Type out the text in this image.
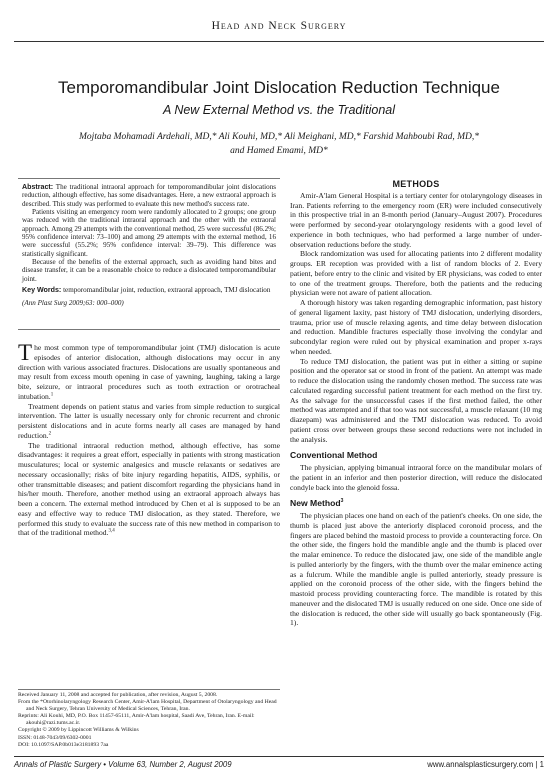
Head and Neck Surgery
Temporomandibular Joint Dislocation Reduction Technique
A New External Method vs. the Traditional
Mojtaba Mohamadi Ardehali, MD,* Ali Kouhi, MD,* Ali Meighani, MD,* Farshid Mahboubi Rad, MD,*
and Hamed Emami, MD*

Abstract: The traditional intraoral approach for temporomandibular joint dislocations reduction, although effective, has some disadvantages. Here, a new extraoral approach is described. This study was performed to evaluate this new method's success rate.

Patients visiting an emergency room were randomly allocated to 2 groups; one group was reduced with the traditional intraoral approach and the other with the extraoral approach. Among 29 attempts with the conventional method, 25 were successful (86.2%; 95% confidence interval: 73–100) and among 29 attempts with the external method, 16 were successful (55.2%; 95% confidence interval: 39–79). This difference was statistically significant.

Because of the benefits of the external approach, such as avoiding hand bites and disease transfer, it can be a reasonable choice to reduce a dislocated temporomandibular joint.

Key Words: temporomandibular joint, reduction, extraoral approach, TMJ dislocation

(Ann Plast Surg 2009;63: 000–000)

The most common type of temporomandibular joint (TMJ) dislocation is acute episodes of anterior dislocation, although dislocations may occur in any direction with various associated fractures. Dislocations are usually spontaneous and may result from excess mouth opening in case of yawning, laughing, taking a large bite, seizure, or intraoral procedures such as tooth extraction or orotracheal intubation.$^1$

Treatment depends on patient status and varies from simple reduction to surgical intervention. The latter is usually necessary only for chronic recurrent and chronic persistent dislocations and in acute forms nearly all cases are managed by hand reduction.$^2$

The traditional intraoral reduction method, although effective, has some disadvantages: it requires a great effort, especially in patients with strong mastication musculatures; local or systemic analgesics and muscle relaxants or sedatives are necessary occasionally; risks of bite injury regarding hepatitis, AIDS, syphilis, or other transmittable diseases; and patient discomfort regarding the physicians hand in his/her mouth. Therefore, another method using an extraoral approach always has been a concern. The external method introduced by Chen et al is supposed to be an easy and effective way to reduce TMJ dislocation, as they stated. Therefore, we performed this study to evaluate the success rate of this new method in comparison to that of the traditional method.$^{3,4}$

Received January 11, 2008 and accepted for publication, after revision, August 5, 2008.

From the *Otorhinolaryngology Research Center, Amir-A'lam Hospital, Department of Otolaryngology and Head and Neck Surgery, Tehran University of Medical Sciences, Tehran, Iran.

Reprints: Ali Kouhi, MD, P.O. Box 11457-65111, Amir-A'lam hospital, Saadi Ave, Tehran, Iran. E-mail: akouhi@razi.tums.ac.ir.

Copyright © 2009 by Lippincott Williams & Wilkins

ISSN: 0148-7043/09/6302-0001

DOI: 10.1097/SAP.0b013e3181893 7aa

METHODS

Amir-A'lam General Hospital is a tertiary center for otolaryngology diseases in Iran. Patients referring to the emergency room (ER) were included consecutively in this prospective trial in an 8-month period (January–August 2007). Procedures were performed by second-year otolaryngology residents with a good level of experience in both techniques, who had performed a large number of under-observation reductions before the study.

Block randomization was used for allocating patients into 2 different modality groups. ER reception was provided with a list of random blocks of 2. Every patient, before entry to the clinic and visited by ER physicians, was coded to enter to one of the treatment groups. Therefore, both the patients and the reducing physician were not aware of patient allocation.

A thorough history was taken regarding demographic information, past history of general ligament laxity, past history of TMJ dislocation, underlying disorders, trauma, prior use of muscle relaxing agents, and time delay between dislocation and reduction. Mandible fractures especially those involving the condylar and subcondylar region were ruled out by physical examination and proper x-rays when needed.

To reduce TMJ dislocation, the patient was put in either a sitting or supine position and the operator sat or stood in front of the patient. An attempt was made to reduce the dislocation using the randomly chosen method. The success rate was calculated regarding successful patient treatment for each method on the first try. As the salvage for the unsuccessful cases if the first method failed, the other method was attempted and if that too was not successful, a muscle relaxant (10 mg diazepam) was administered and the TMJ dislocation was reduced. To avoid patient cross over between groups these second reductions were not included in the analysis.

Conventional Method

The physician, applying bimanual intraoral force on the mandibular molars of the patient in an inferior and then posterior direction, will reduce the dislocated condyle back into the glenoid fossa.

New Method$^3$

The physician places one hand on each of the patient's cheeks. On one side, the thumb is placed just above the anteriorly displaced coronoid process, and the fingers are placed behind the mastoid process to provide a counteracting force. On the other side, the fingers hold the mandible angle and the thumb is placed over the malar eminence. To reduce the dislocated jaw, one side of the mandible angle is pulled anteriorly by the fingers, with the thumb over the malar eminence acting as a fulcrum. While the mandible angle is pulled anteriorly, steady pressure is applied on the coronoid process of the other side, with the fingers behind the mastoid process providing counteracting force. The mandible is rotated by this maneuver and the dislocated TMJ is usually reduced on one side. Once one side of the dislocation is reduced, the other side will usually go back spontaneously (Fig. 1).

Annals of Plastic Surgery • Volume 63, Number 2, August 2009	www.annalsplasticsurgery.com | 1
